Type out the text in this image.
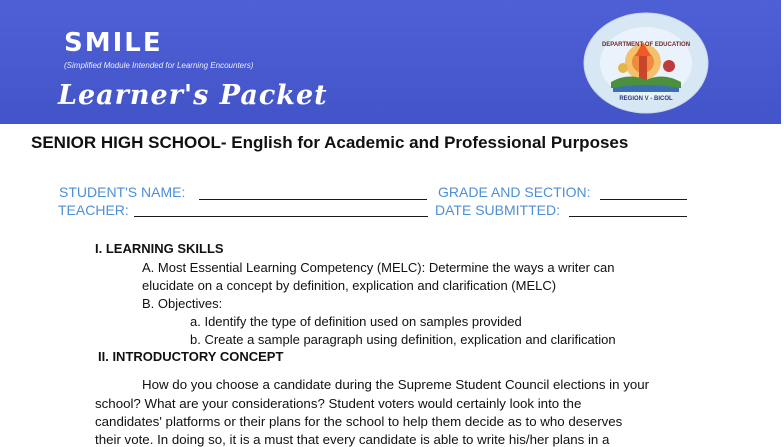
SMILE
(Simplified Module Intended for Learning Encounters)
Learner's Packet
DEPARTMENT OF EDUCATION
REGION V - BICOL
SENIOR HIGH SCHOOL- English for Academic and Professional Purposes
STUDENT'S NAME:	GRADE AND SECTION:
TEACHER:	DATE SUBMITTED:
I. LEARNING SKILLS
A. Most Essential Learning Competency (MELC): Determine the ways a writer can
elucidate on a concept by definition, explication and clarification (MELC)
B. Objectives:
a. Identify the type of definition used on samples provided
b. Create a sample paragraph using definition, explication and clarification
II. INTRODUCTORY CONCEPT
How do you choose a candidate during the Supreme Student Council elections in your
school? What are your considerations? Student voters would certainly look into the
candidates' platforms or their plans for the school to help them decide as to who deserves
their vote. In doing so, it is a must that every candidate is able to write his/her plans in a
